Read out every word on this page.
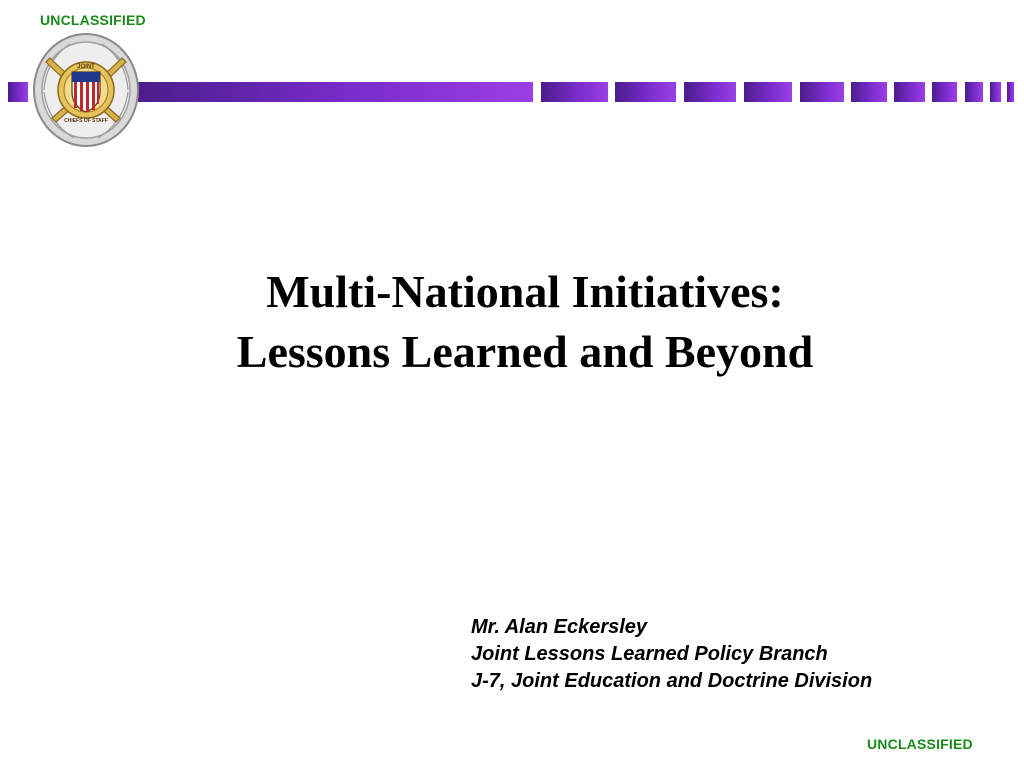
UNCLASSIFIED
JOINT
CHIEFS OF STAFF
Multi-National Initiatives:
Lessons Learned and Beyond
Mr. Alan Eckersley
Joint Lessons Learned Policy Branch
J-7, Joint Education and Doctrine Division
UNCLASSIFIED
